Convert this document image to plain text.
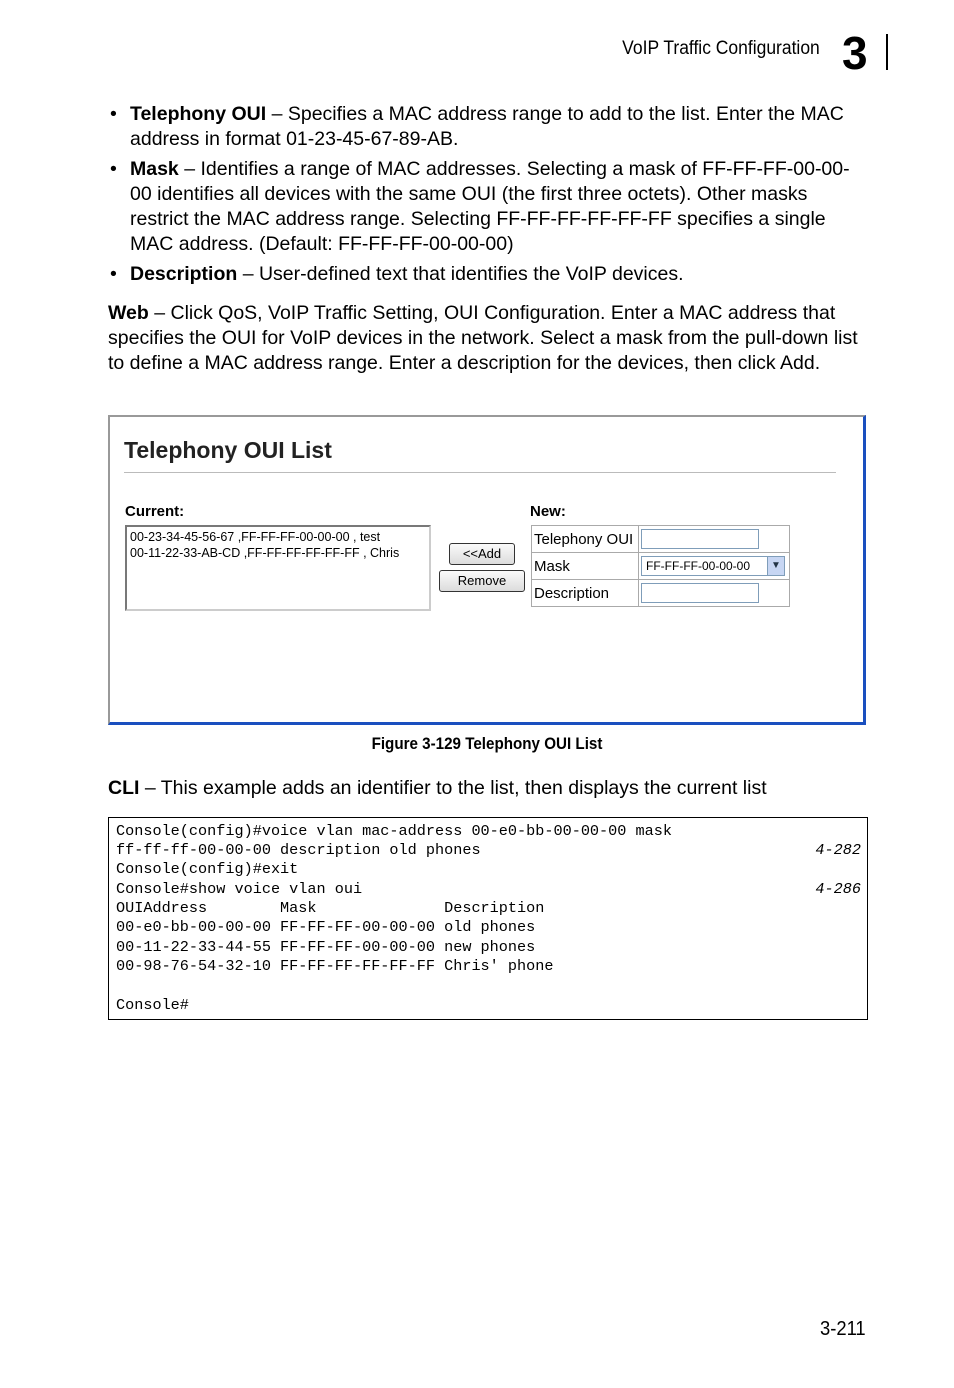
VoIP Traffic Configuration 3
• Telephony OUI – Specifies a MAC address range to add to the list. Enter the MAC address in format 01-23-45-67-89-AB.
• Mask – Identifies a range of MAC addresses. Selecting a mask of FF-FF-FF-00-00-00 identifies all devices with the same OUI (the first three octets). Other masks restrict the MAC address range. Selecting FF-FF-FF-FF-FF-FF specifies a single MAC address. (Default: FF-FF-FF-00-00-00)
• Description – User-defined text that identifies the VoIP devices.

Web – Click QoS, VoIP Traffic Setting, OUI Configuration. Enter a MAC address that specifies the OUI for VoIP devices in the network. Select a mask from the pull-down list to define a MAC address range. Enter a description for the devices, then click Add.

Telephony OUI List
Current:
00-23-34-45-56-67 ,FF-FF-FF-00-00-00 , test
00-11-22-33-AB-CD ,FF-FF-FF-FF-FF-FF , Chris	<<Add
Remove
New:
Telephony OUI	

Mask	FF-FF-FF-00-00-00 ▼

Description	
Figure 3-129 Telephony OUI List

CLI – This example adds an identifier to the list, then displays the current list

Console(config)#voice vlan mac-address 00-e0-bb-00-00-00 mask
ff-ff-ff-00-00-00 description old phones	4-282
Console(config)#exit
Console#show voice vlan oui	4-286
OUIAddress        Mask              Description
00-e0-bb-00-00-00 FF-FF-FF-00-00-00 old phones
00-11-22-33-44-55 FF-FF-FF-00-00-00 new phones
00-98-76-54-32-10 FF-FF-FF-FF-FF-FF Chris' phone
Console#
3-211
